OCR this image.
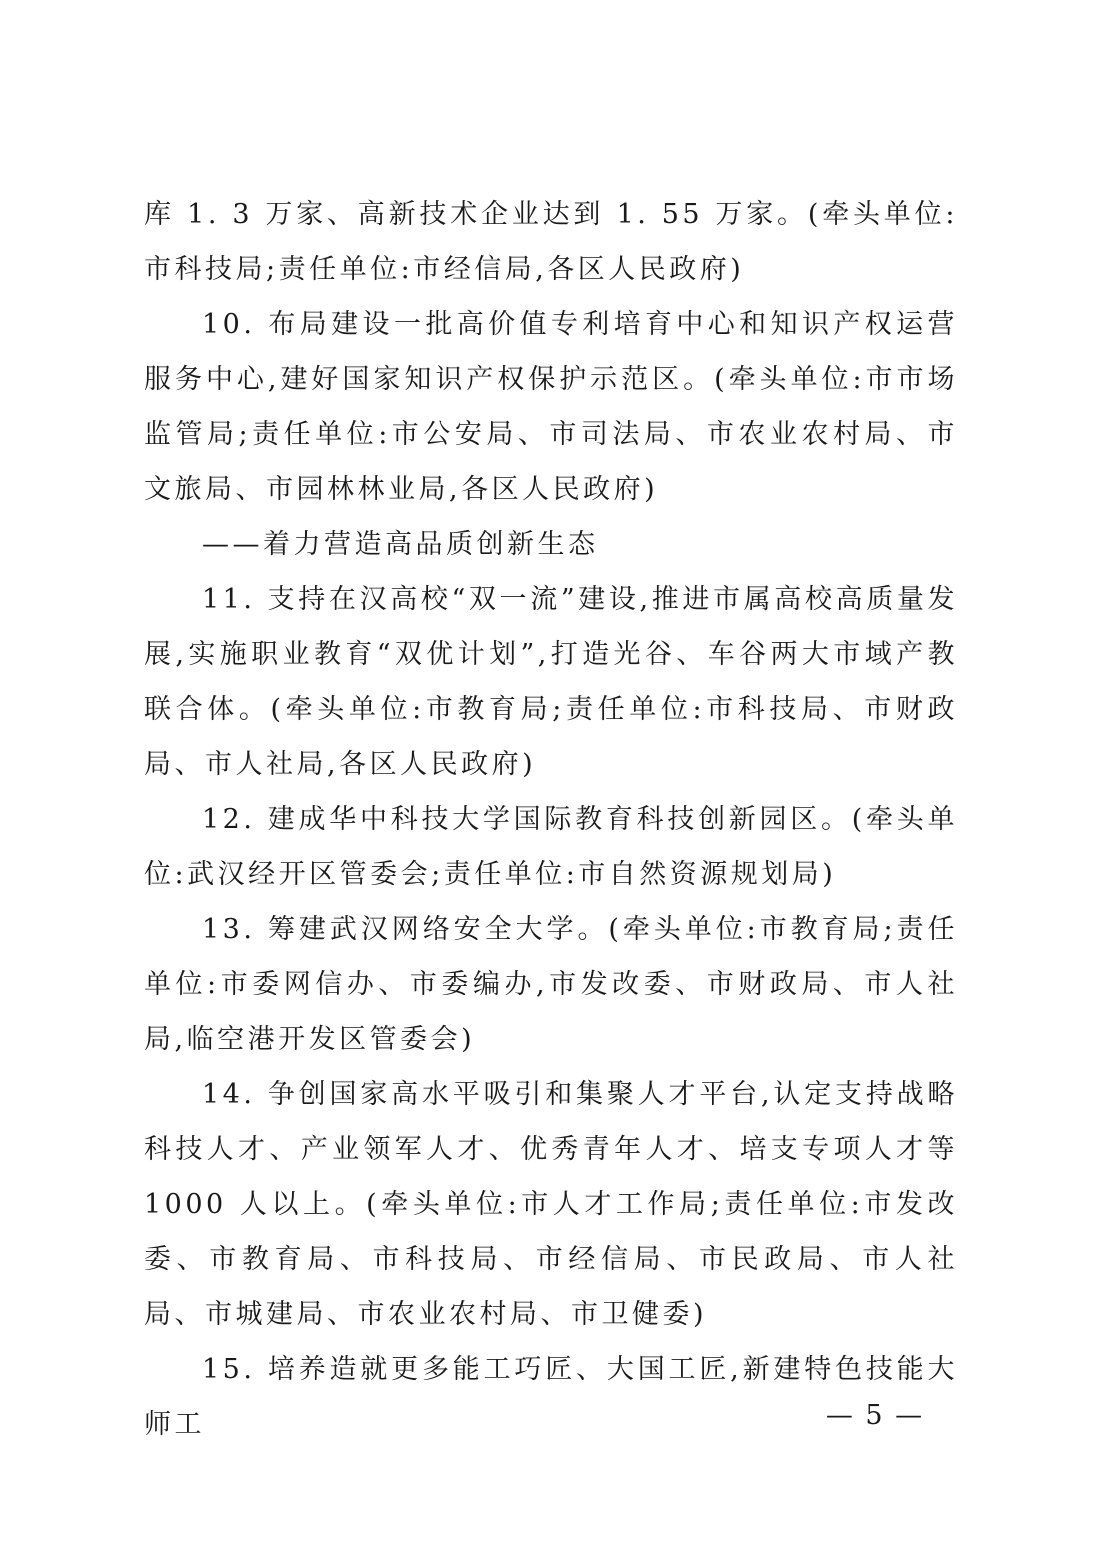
库 1. 3 万家、高新技术企业达到 1. 55 万家。(牵头单位:市科技局;责任单位:市经信局,各区人民政府)

10. 布局建设一批高价值专利培育中心和知识产权运营服务中心,建好国家知识产权保护示范区。(牵头单位:市市场监管局;责任单位:市公安局、市司法局、市农业农村局、市文旅局、市园林林业局,各区人民政府)

——着力营造高品质创新生态

11. 支持在汉高校“双一流”建设,推进市属高校高质量发展,实施职业教育“双优计划”,打造光谷、车谷两大市域产教联合体。(牵头单位:市教育局;责任单位:市科技局、市财政局、市人社局,各区人民政府)

12. 建成华中科技大学国际教育科技创新园区。(牵头单位:武汉经开区管委会;责任单位:市自然资源规划局)

13. 筹建武汉网络安全大学。(牵头单位:市教育局;责任单位:市委网信办、市委编办,市发改委、市财政局、市人社局,临空港开发区管委会)

14. 争创国家高水平吸引和集聚人才平台,认定支持战略科技人才、产业领军人才、优秀青年人才、培支专项人才等 1000 人以上。(牵头单位:市人才工作局;责任单位:市发改委、市教育局、市科技局、市经信局、市民政局、市人社局、市城建局、市农业农村局、市卫健委)

15. 培养造就更多能工巧匠、大国工匠,新建特色技能大师工	— 5 —
